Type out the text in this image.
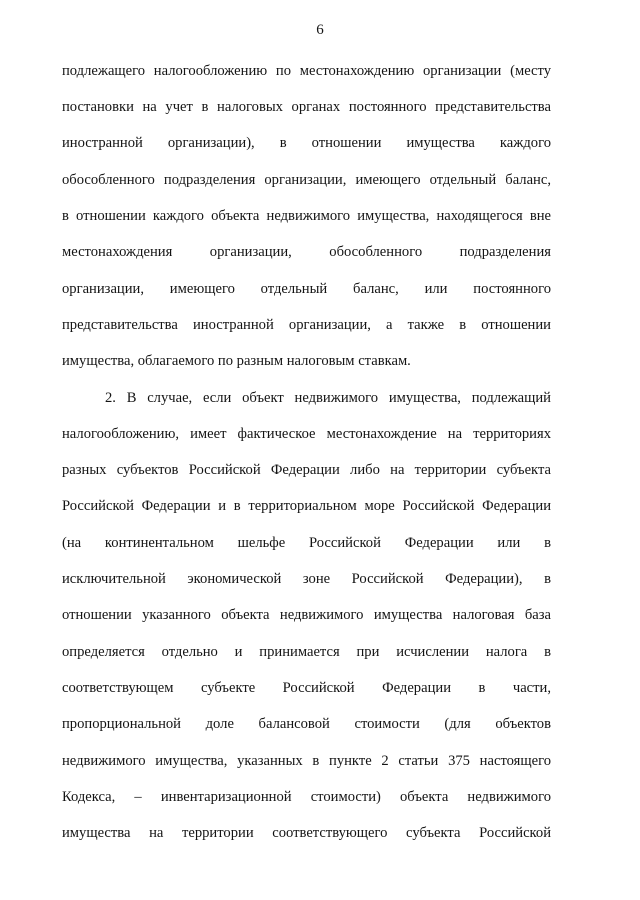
6
подлежащего налогообложению по местонахождению организации (месту
постановки на учет в налоговых органах постоянного представительства
иностранной организации), в отношении имущества каждого
обособленного подразделения организации, имеющего отдельный баланс,
в отношении каждого объекта недвижимого имущества, находящегося вне
местонахождения организации, обособленного подразделения
организации, имеющего отдельный баланс, или постоянного
представительства иностранной организации, а также в отношении
имущества, облагаемого по разным налоговым ставкам.
2. В случае, если объект недвижимого имущества, подлежащий
налогообложению, имеет фактическое местонахождение на территориях
разных субъектов Российской Федерации либо на территории субъекта
Российской Федерации и в территориальном море Российской Федерации
(на континентальном шельфе Российской Федерации или в
исключительной экономической зоне Российской Федерации), в
отношении указанного объекта недвижимого имущества налоговая база
определяется отдельно и принимается при исчислении налога в
соответствующем субъекте Российской Федерации в части,
пропорциональной доле балансовой стоимости (для объектов
недвижимого имущества, указанных в пункте 2 статьи 375 настоящего
Кодекса, – инвентаризационной стоимости) объекта недвижимого
имущества на территории соответствующего субъекта Российской
